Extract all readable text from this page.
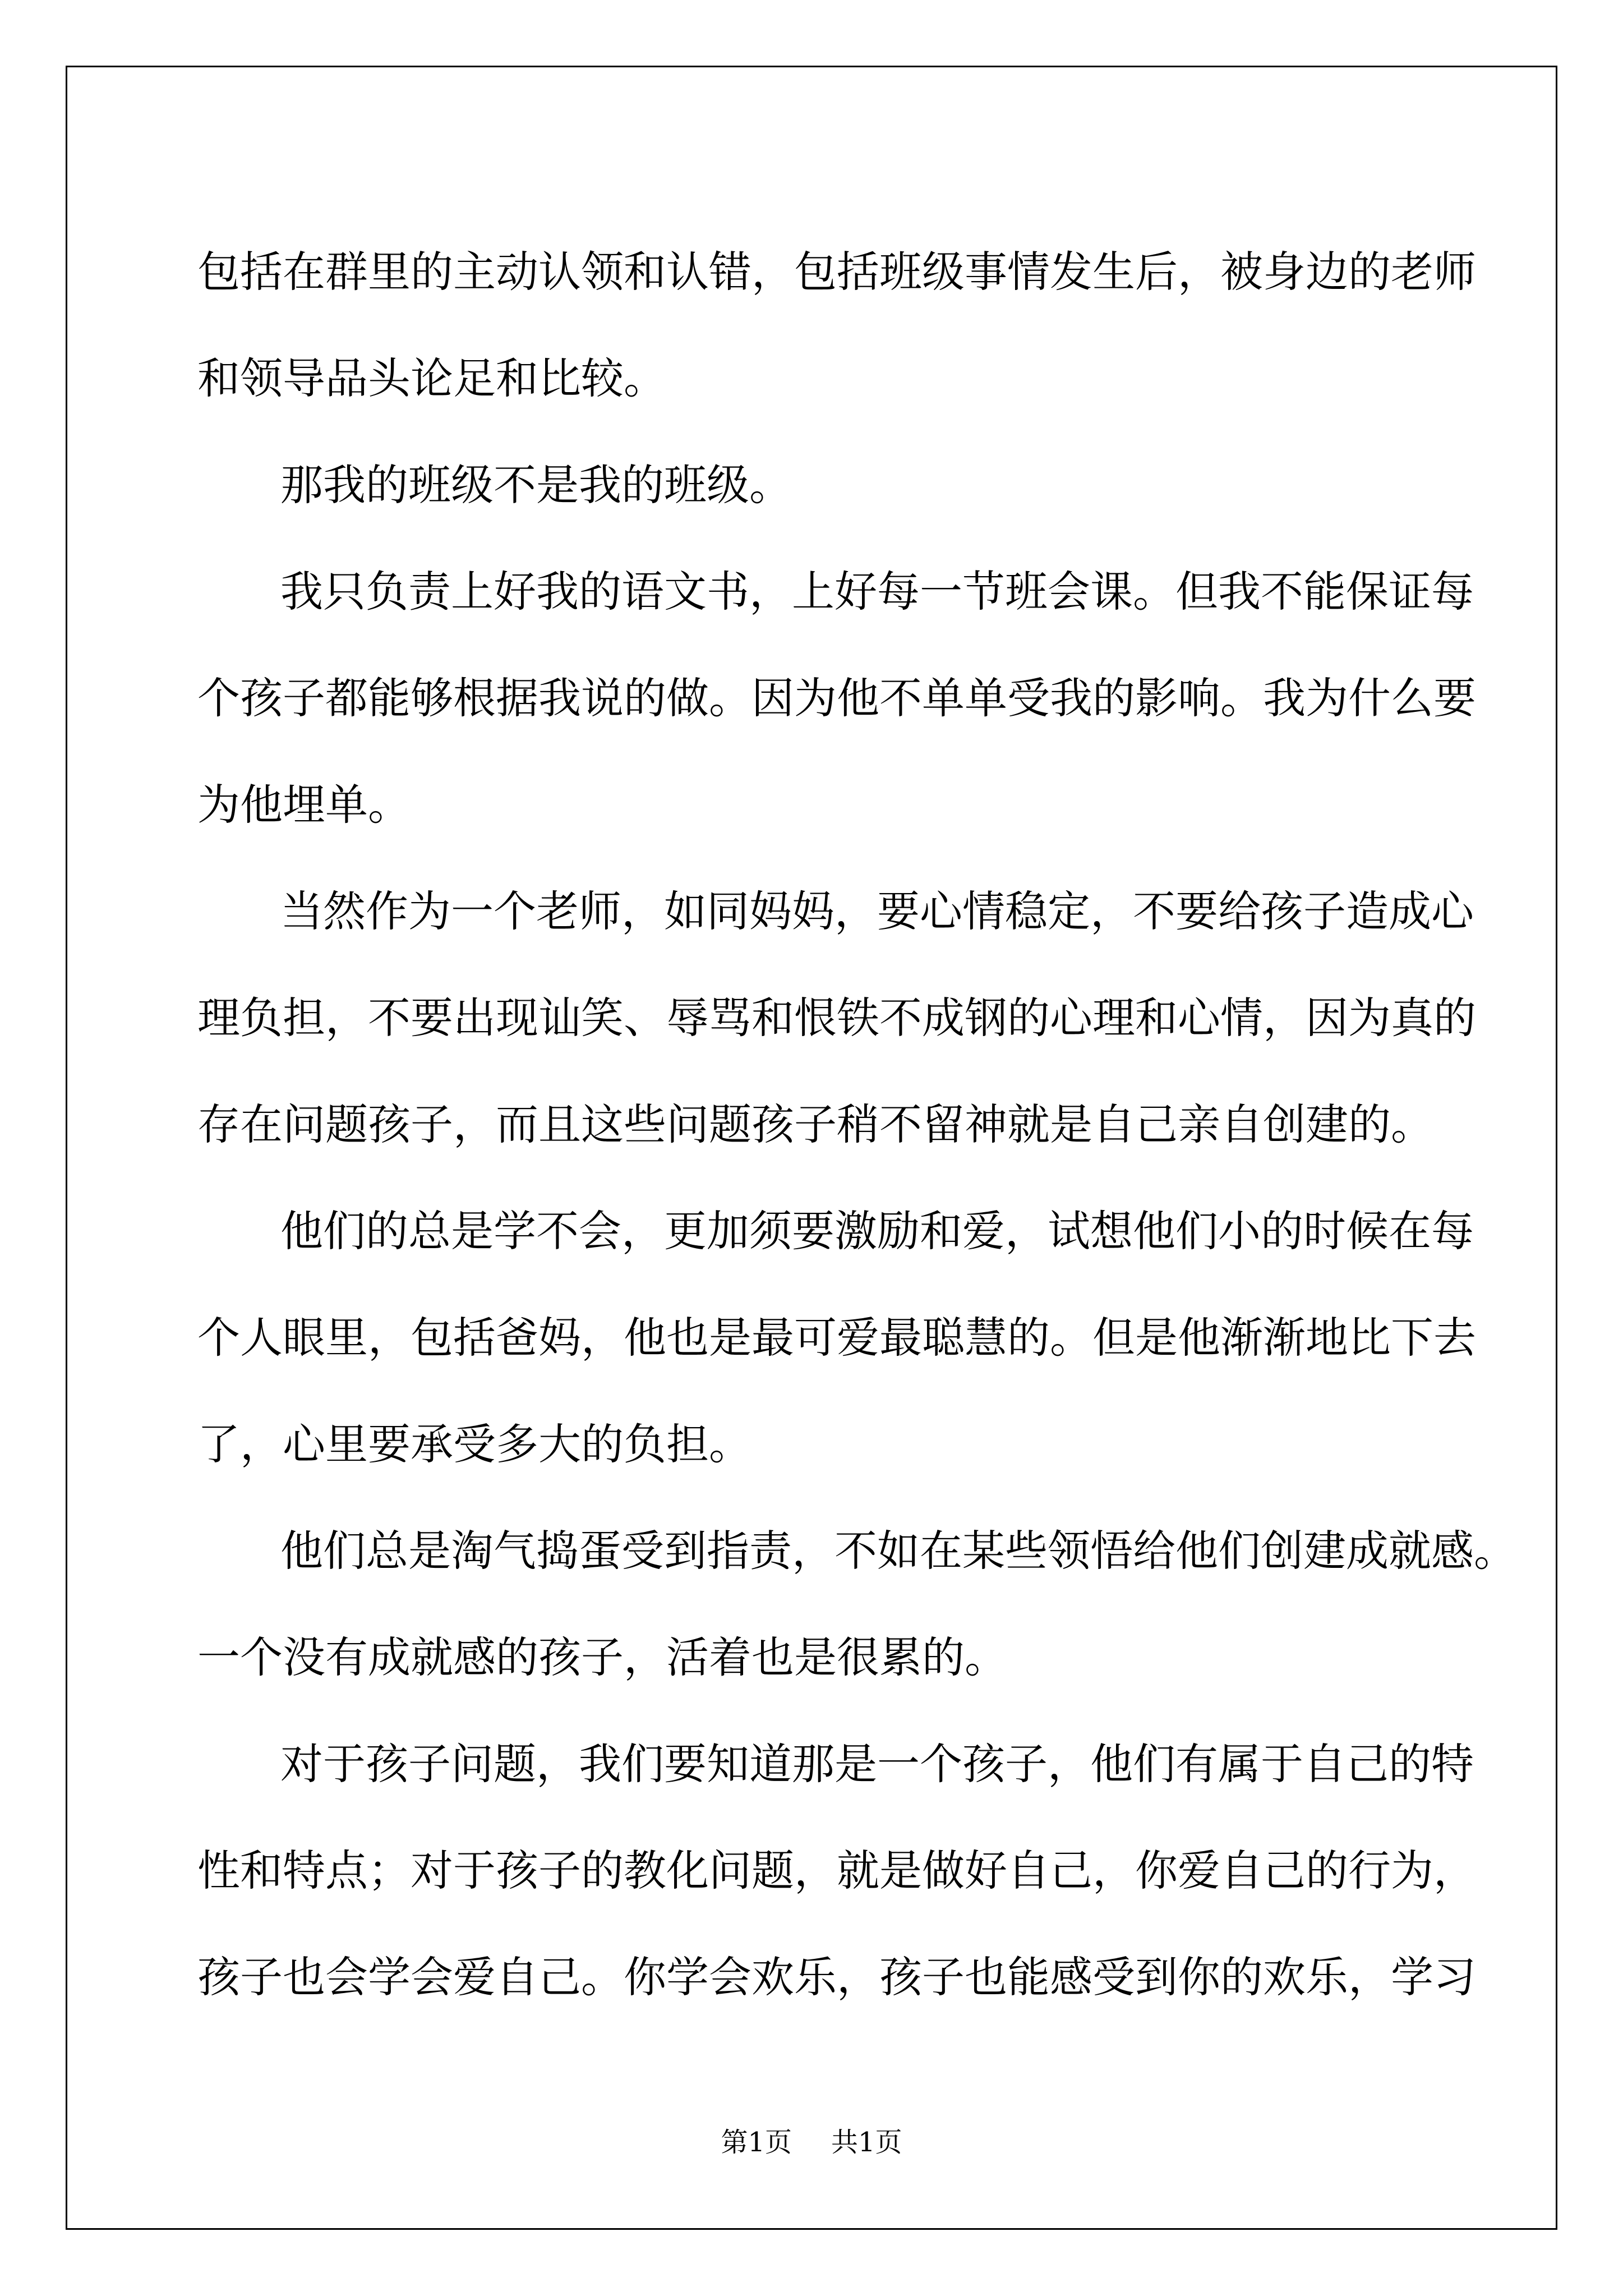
包括在群里的主动认领和认错，包括班级事情发生后，被身边的老师

和领导品头论足和比较。

那我的班级不是我的班级。

我只负责上好我的语文书，上好每一节班会课。但我不能保证每

个孩子都能够根据我说的做。因为他不单单受我的影响。我为什么要

为他埋单。

当然作为一个老师，如同妈妈，要心情稳定，不要给孩子造成心

理负担，不要出现讪笑、辱骂和恨铁不成钢的心理和心情，因为真的

存在问题孩子，而且这些问题孩子稍不留神就是自己亲自创建的。

他们的总是学不会，更加须要激励和爱，试想他们小的时候在每

个人眼里，包括爸妈，他也是最可爱最聪慧的。但是他渐渐地比下去

了，心里要承受多大的负担。

他们总是淘气捣蛋受到指责，不如在某些领悟给他们创建成就感。

一个没有成就感的孩子，活着也是很累的。

对于孩子问题，我们要知道那是一个孩子，他们有属于自己的特

性和特点；对于孩子的教化问题，就是做好自己，你爱自己的行为，

孩子也会学会爱自己。你学会欢乐，孩子也能感受到你的欢乐，学习

第1页 共1页
